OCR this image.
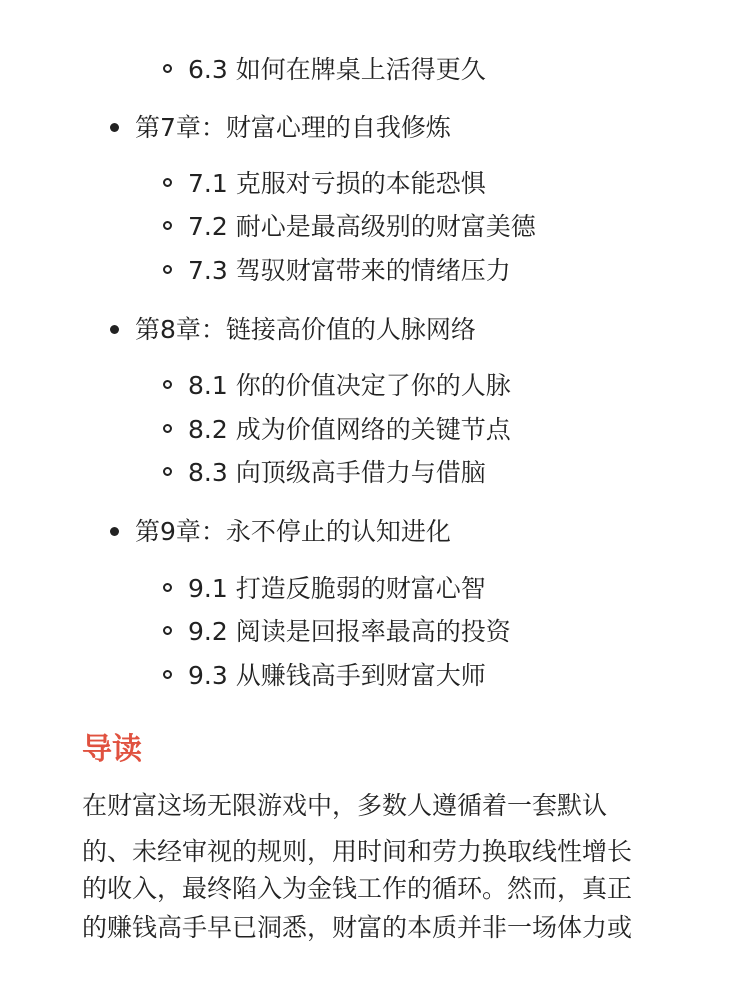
6.3 如何在牌桌上活得更久
第7章：财富心理的自我修炼
7.1 克服对亏损的本能恐惧
7.2 耐心是最高级别的财富美德
7.3 驾驭财富带来的情绪压力
第8章：链接高价值的人脉网络
8.1 你的价值决定了你的人脉
8.2 成为价值网络的关键节点
8.3 向顶级高手借力与借脑
第9章：永不停止的认知进化
9.1 打造反脆弱的财富心智
9.2 阅读是回报率最高的投资
9.3 从赚钱高手到财富大师
导读
在财富这场无限游戏中，多数人遵循着一套默认
的、未经审视的规则，用时间和劳力换取线性增长
的收入，最终陷入为金钱工作的循环。然而，真正
的赚钱高手早已洞悉，财富的本质并非一场体力或
